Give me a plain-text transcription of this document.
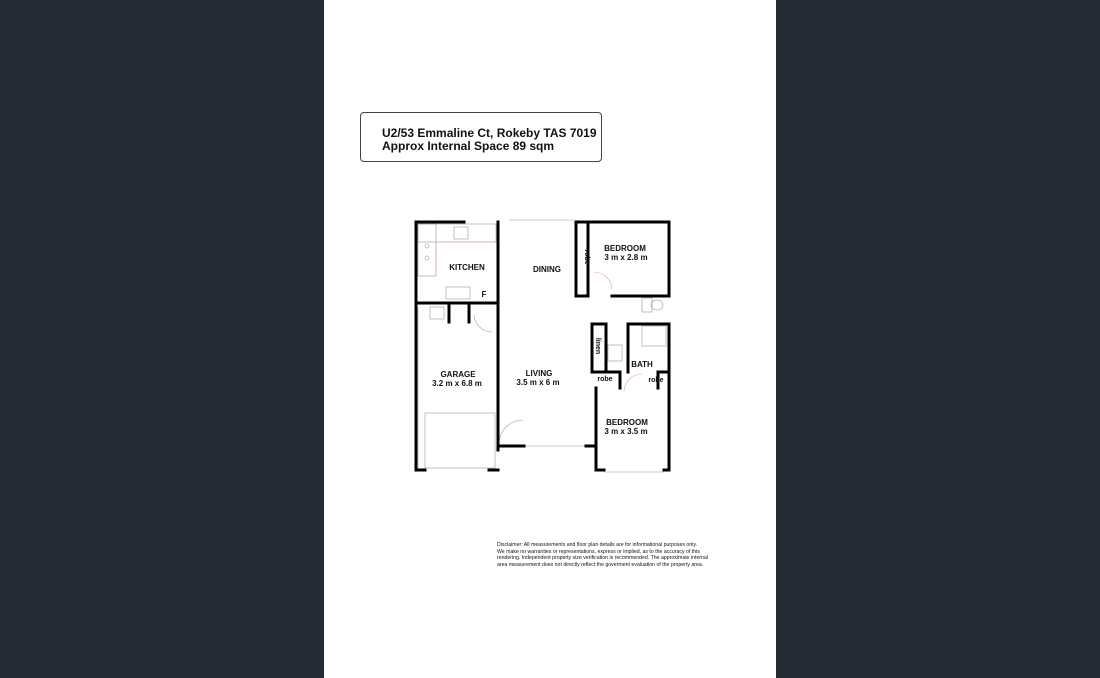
U2/53 Emmaline Ct, Rokeby TAS 7019
Approx Internal Space 89 sqm
KITCHEN
F
DINING
BEDROOM
3 m x 2.8 m
robe
GARAGE
3.2 m x 6.8 m
LIVING
3.5 m x 6 m
linen
BATH
robe	robe
BEDROOM
3 m x 3.5 m
Disclaimer: All measurements and floor plan details are for informational purposes only.
We make no warranties or representations, express or implied, as to the accuracy of this
rendering. Independent property size verification is recommended. The approximate internal
area measurement does not directly reflect the goverment evaluation of the property area.
